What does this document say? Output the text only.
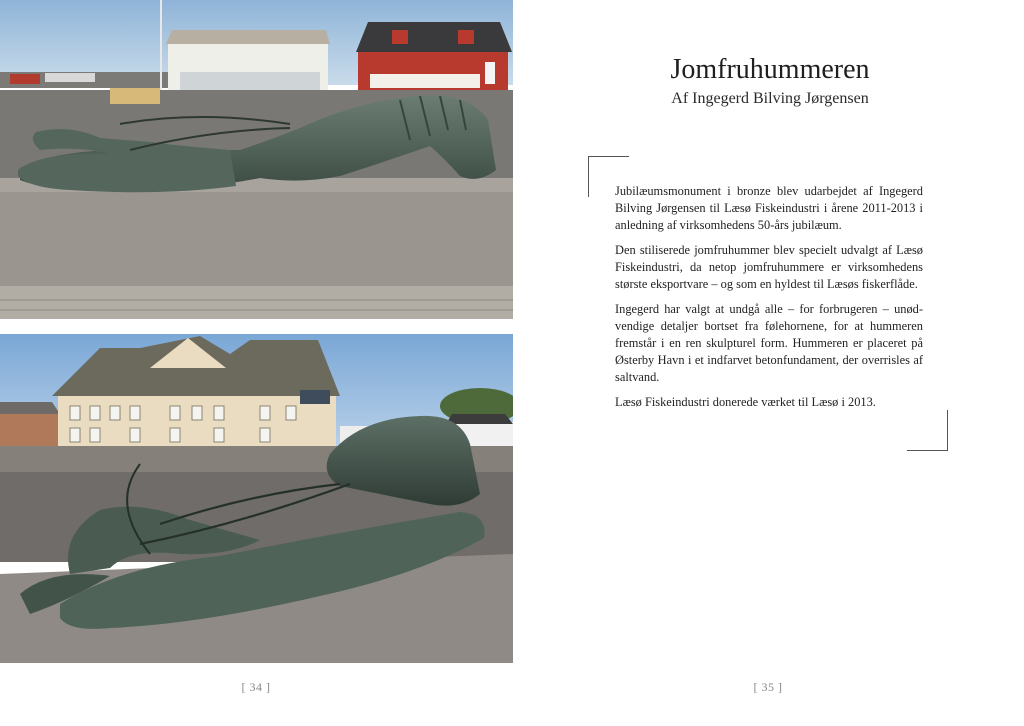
[ 34 ]
Jomfruhummeren
Af Ingegerd Bilving Jørgensen

Jubilæumsmonument i bronze blev udarbejdet af Ingegerd Bilving Jørgensen til Læsø Fiskeindustri i årene 2011-2013 i anledning af virksomhedens 50-års jubilæum.

Den stiliserede jomfruhummer blev specielt udvalgt af Læsø Fiskeindustri, da netop jomfruhummere er virksomhedens største eksportvare – og som en hyldest til Læsøs fiskerflåde.

Ingegerd har valgt at undgå alle – for forbrugeren – unødvendige detaljer bortset fra følehornene, for at hummeren fremstår i en ren skulpturel form. Hummeren er placeret på Østerby Havn i et indfarvet betonfundament, der overrisles af saltvand.

Læsø Fiskeindustri donerede værket til Læsø i 2013.

[ 35 ]
